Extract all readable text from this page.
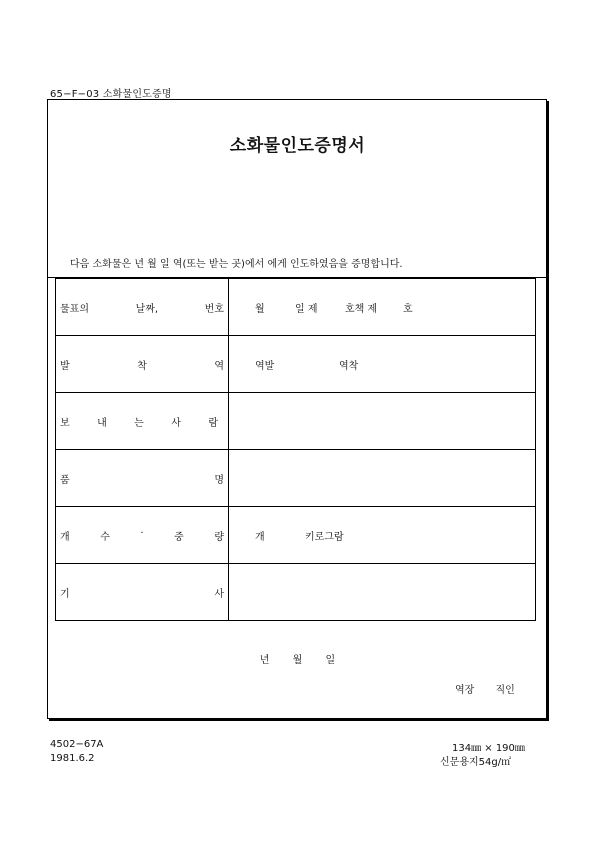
65−F−03 소화물인도증명
소화물인도증명서
다음 소화물은 년 월 일 역(또는 받는 곳)에서 에게 인도하였음을 증명합니다.
물표의 날짜, 번호	월 일 제 호책 제 호

발 착 역	역발 역착

보 내 는 사 람	

품 명	

개 수 · 중 량	개 키로그람

기 사	

년 월 일
역장 직인
4502−67A
1981.6.2
134㎜ × 190㎜
신문용지54g/㎡
